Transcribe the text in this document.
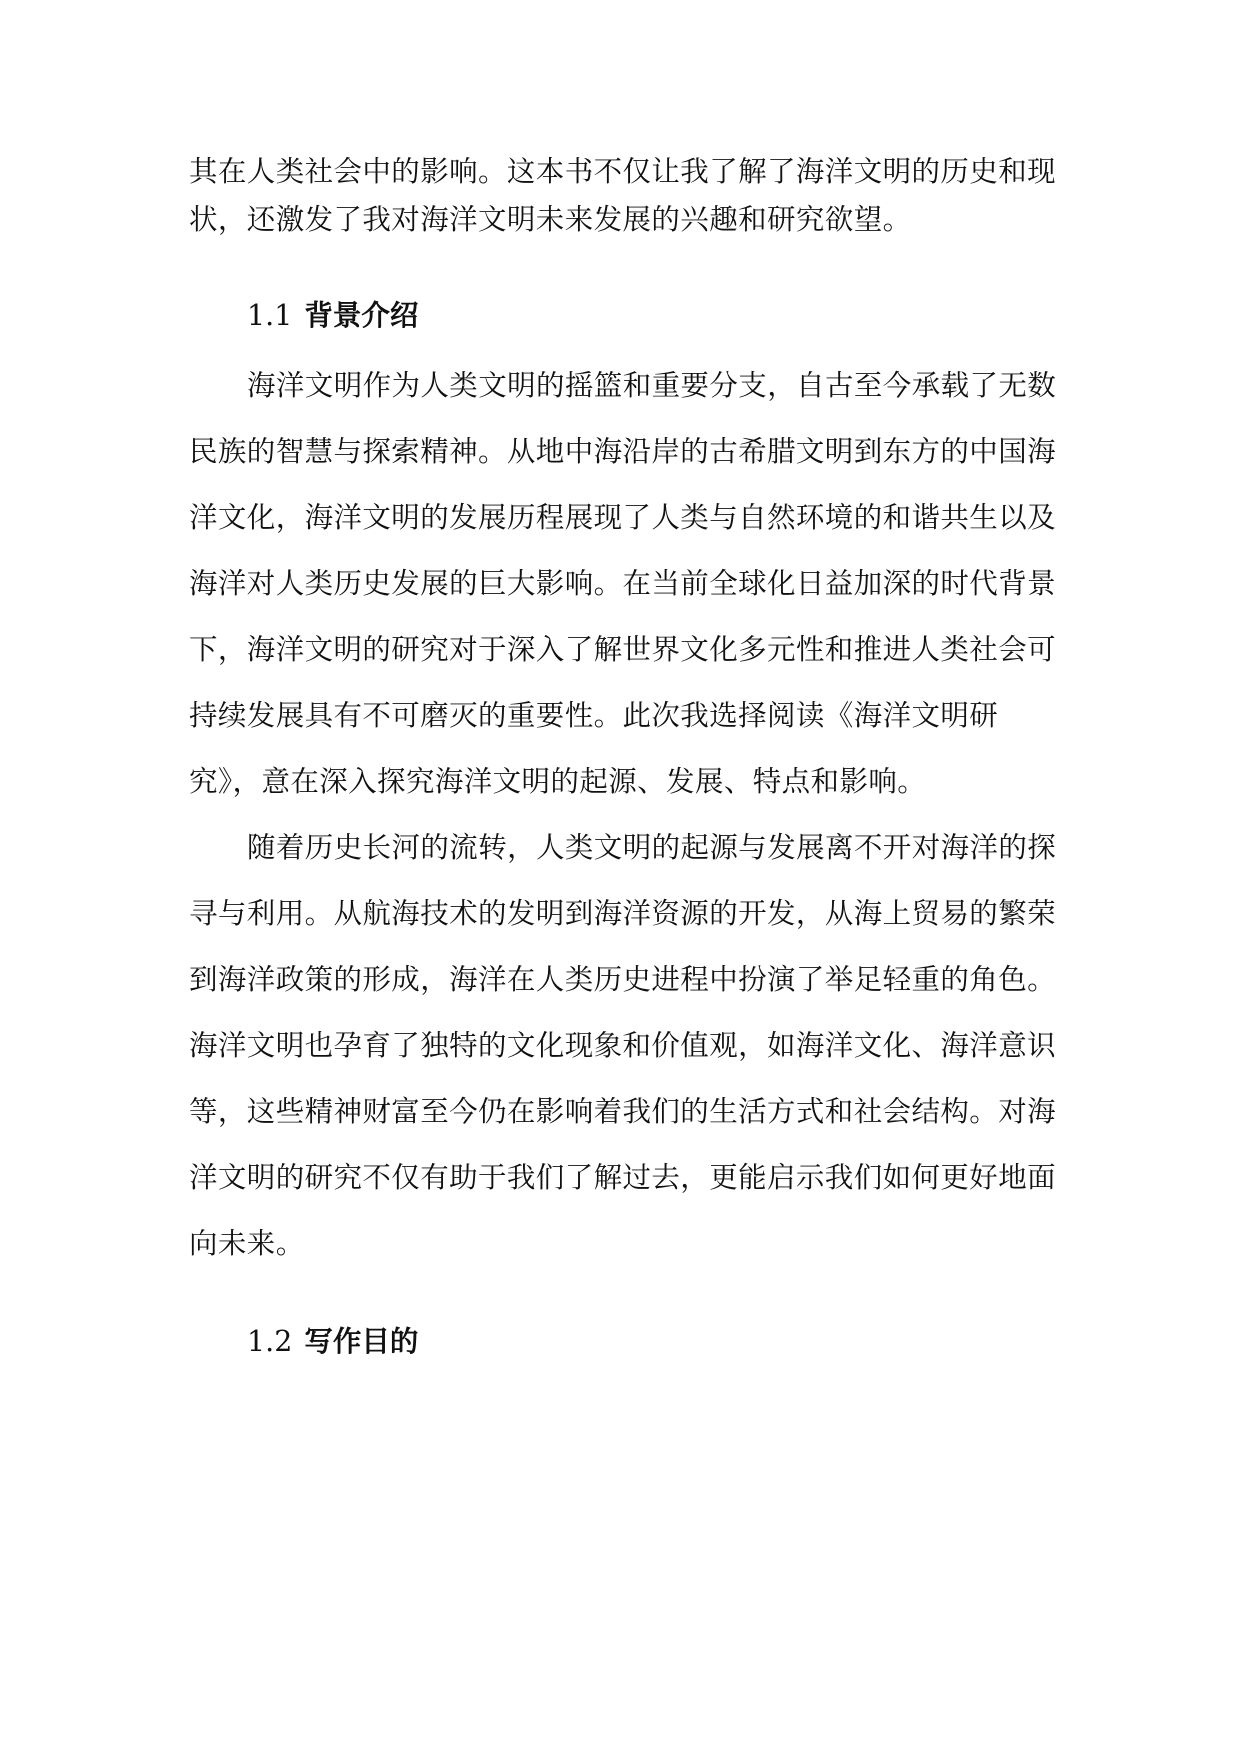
其在人类社会中的影响。这本书不仅让我了解了海洋文明的历史和现
状，还激发了我对海洋文明未来发展的兴趣和研究欲望。
1.1 背景介绍
海洋文明作为人类文明的摇篮和重要分支，自古至今承载了无数
民族的智慧与探索精神。从地中海沿岸的古希腊文明到东方的中国海
洋文化，海洋文明的发展历程展现了人类与自然环境的和谐共生以及
海洋对人类历史发展的巨大影响。在当前全球化日益加深的时代背景
下，海洋文明的研究对于深入了解世界文化多元性和推进人类社会可
持续发展具有不可磨灭的重要性。此次我选择阅读《海洋文明研
究》，意在深入探究海洋文明的起源、发展、特点和影响。
随着历史长河的流转，人类文明的起源与发展离不开对海洋的探
寻与利用。从航海技术的发明到海洋资源的开发，从海上贸易的繁荣
到海洋政策的形成，海洋在人类历史进程中扮演了举足轻重的角色。
海洋文明也孕育了独特的文化现象和价值观，如海洋文化、海洋意识
等，这些精神财富至今仍在影响着我们的生活方式和社会结构。对海
洋文明的研究不仅有助于我们了解过去，更能启示我们如何更好地面
向未来。
1.2 写作目的
